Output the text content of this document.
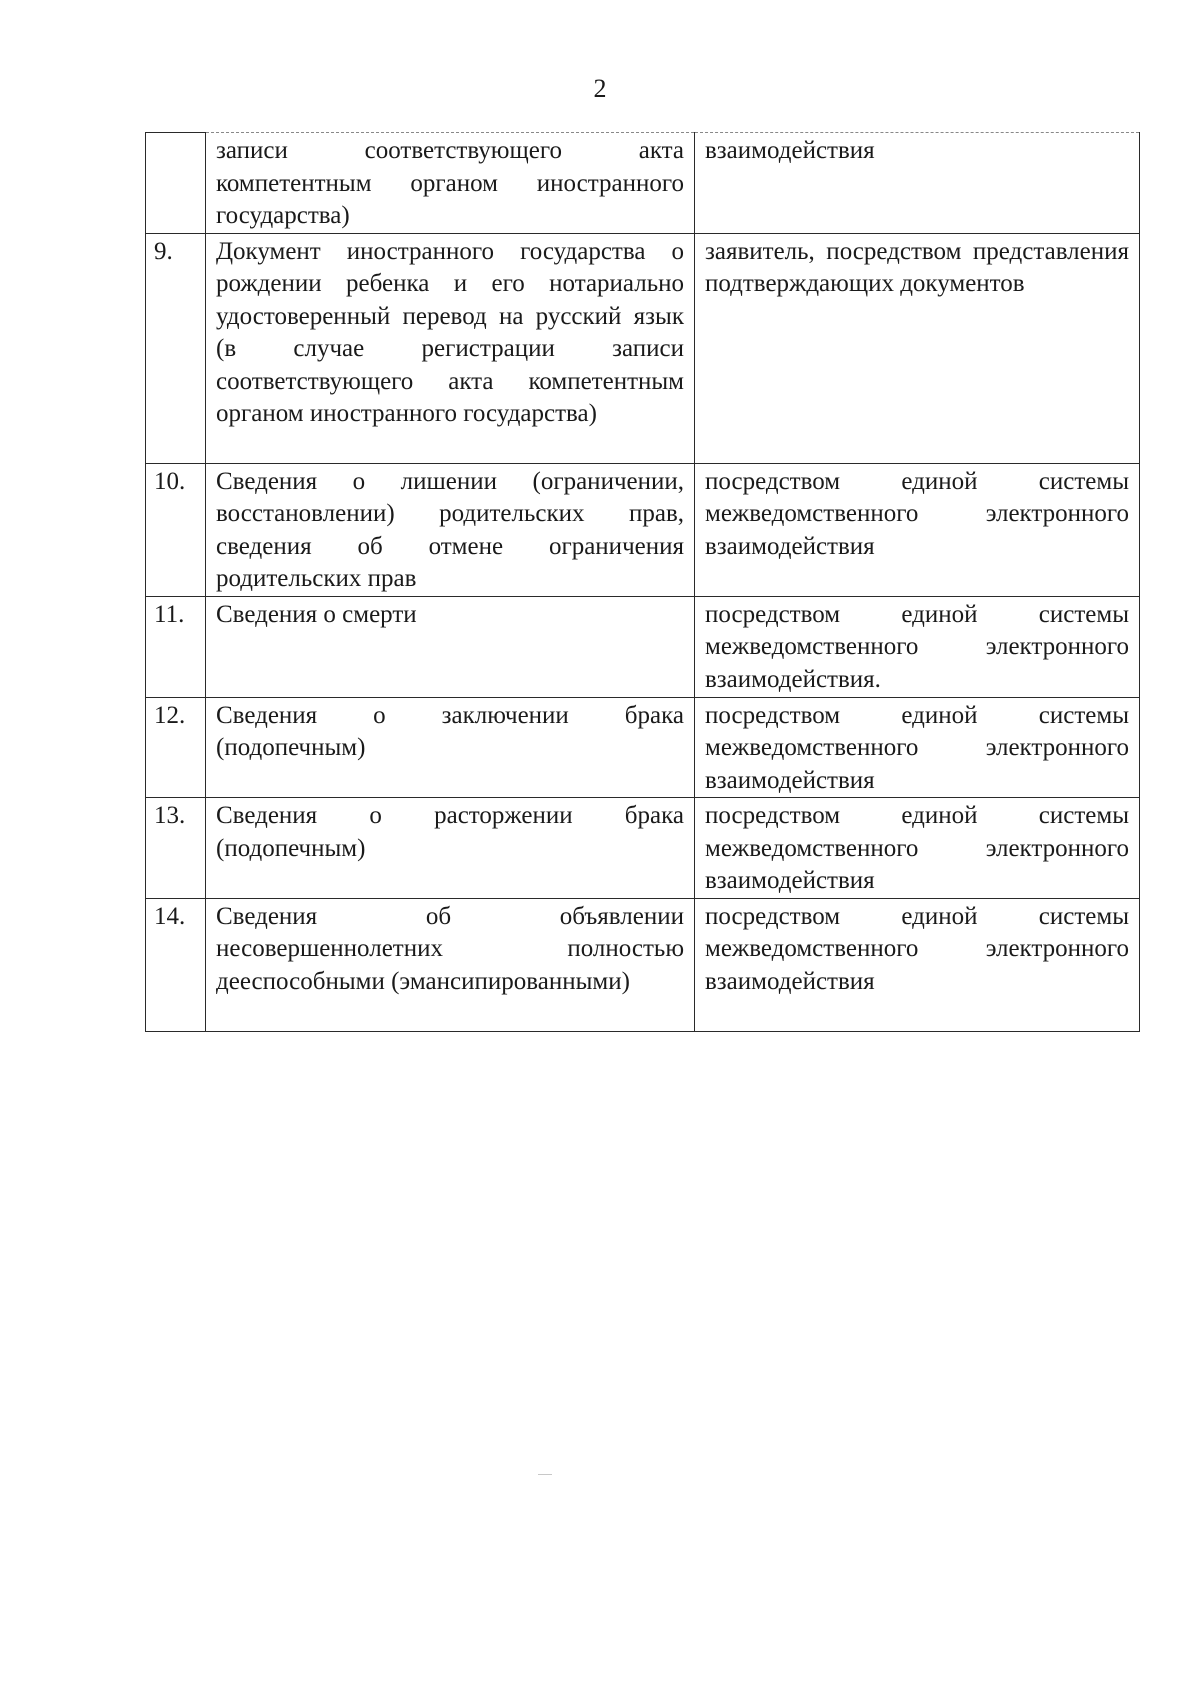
2
	записи соответствующего акта компетентным органом иностранного государства)	взаимодействия
9.	Документ иностранного государства о рождении ребенка и его нотариально удостоверенный перевод на русский язык (в случае регистрации записи соответствующего акта компетентным органом иностранного государства)	заявитель, посредством представления подтверждающих документов
10.	Сведения о лишении (ограничении, восстановлении) родительских прав, сведения об отмене ограничения родительских прав	посредством единой системы межведомственного электронного взаимодействия
11.	Сведения о смерти	посредством единой системы межведомственного электронного взаимодействия.
12.	Сведения о заключении брака (подопечным)	посредством единой системы межведомственного электронного взаимодействия
13.	Сведения о расторжении брака (подопечным)	посредством единой системы межведомственного электронного взаимодействия
14.	Сведения об объявлении несовершеннолетних полностью дееспособными (эмансипированными)	посредством единой системы межведомственного электронного взаимодействия
